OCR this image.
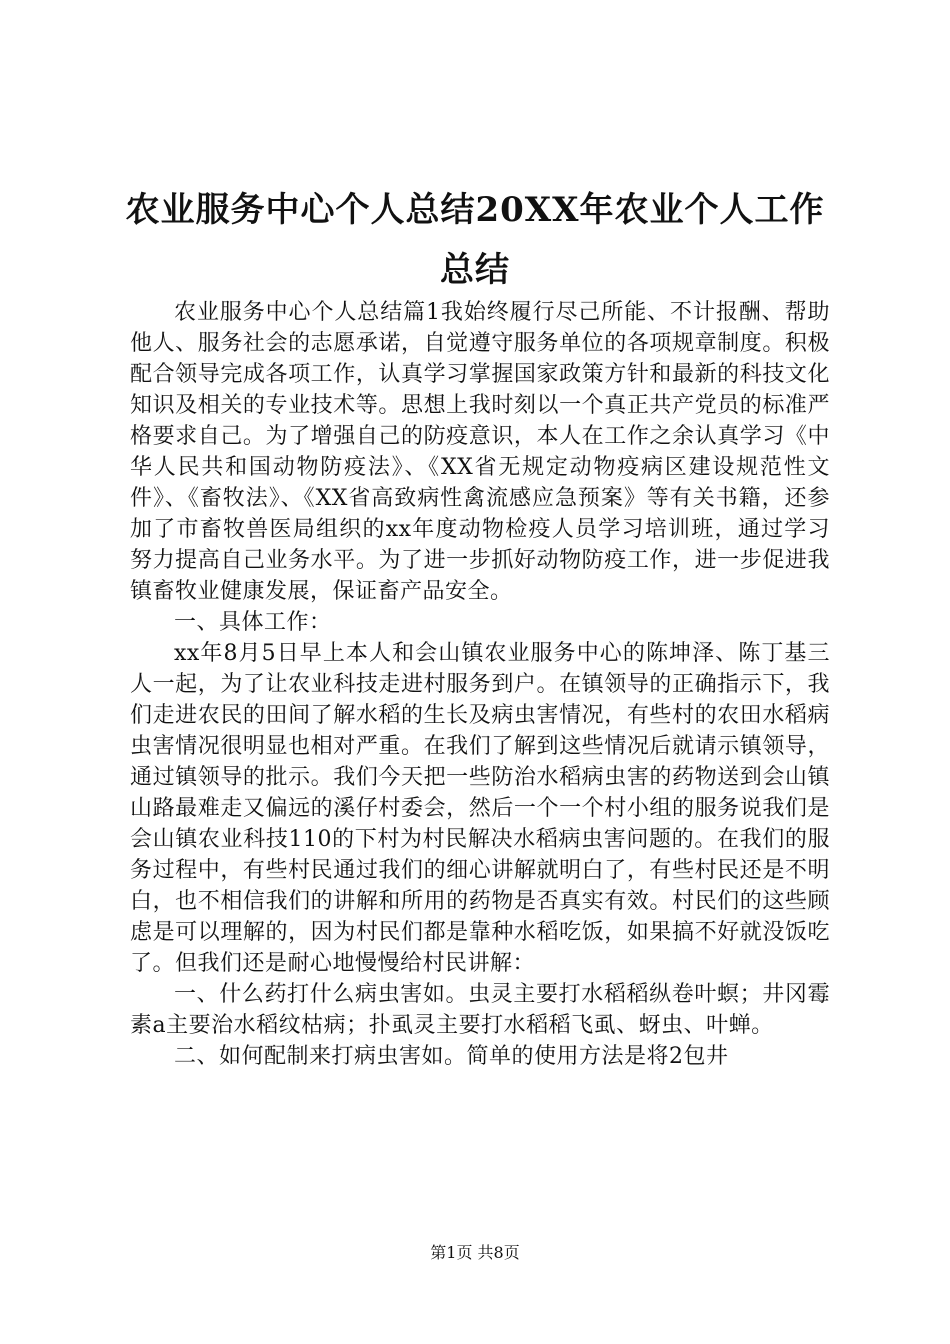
农业服务中心个人总结20XX年农业个人工作
总结

农业服务中心个人总结篇1我始终履行尽己所能、不计报酬、帮助他人、服务社会的志愿承诺，自觉遵守服务单位的各项规章制度。积极配合领导完成各项工作，认真学习掌握国家政策方针和最新的科技文化知识及相关的专业技术等。思想上我时刻以一个真正共产党员的标准严格要求自己。为了增强自己的防疫意识，本人在工作之余认真学习《中华人民共和国动物防疫法》、《XX省无规定动物疫病区建设规范性文件》、《畜牧法》、《XX省高致病性禽流感应急预案》等有关书籍，还参加了市畜牧兽医局组织的xx年度动物检疫人员学习培训班，通过学习努力提高自己业务水平。为了进一步抓好动物防疫工作，进一步促进我镇畜牧业健康发展，保证畜产品安全。

一、具体工作：

xx年8月5日早上本人和会山镇农业服务中心的陈坤泽、陈丁基三人一起，为了让农业科技走进村服务到户。在镇领导的正确指示下，我们走进农民的田间了解水稻的生长及病虫害情况，有些村的农田水稻病虫害情况很明显也相对严重。在我们了解到这些情况后就请示镇领导，通过镇领导的批示。我们今天把一些防治水稻病虫害的药物送到会山镇山路最难走又偏远的溪仔村委会，然后一个一个村小组的服务说我们是会山镇农业科技110的下村为村民解决水稻病虫害问题的。在我们的服务过程中，有些村民通过我们的细心讲解就明白了，有些村民还是不明白，也不相信我们的讲解和所用的药物是否真实有效。村民们的这些顾虑是可以理解的，因为村民们都是靠种水稻吃饭，如果搞不好就没饭吃了。但我们还是耐心地慢慢给村民讲解：

一、什么药打什么病虫害如。虫灵主要打水稻稻纵卷叶螟；井冈霉素a主要治水稻纹枯病；扑虱灵主要打水稻稻飞虱、蚜虫、叶蝉。

二、如何配制来打病虫害如。简单的使用方法是将2包井

第1页 共8页
